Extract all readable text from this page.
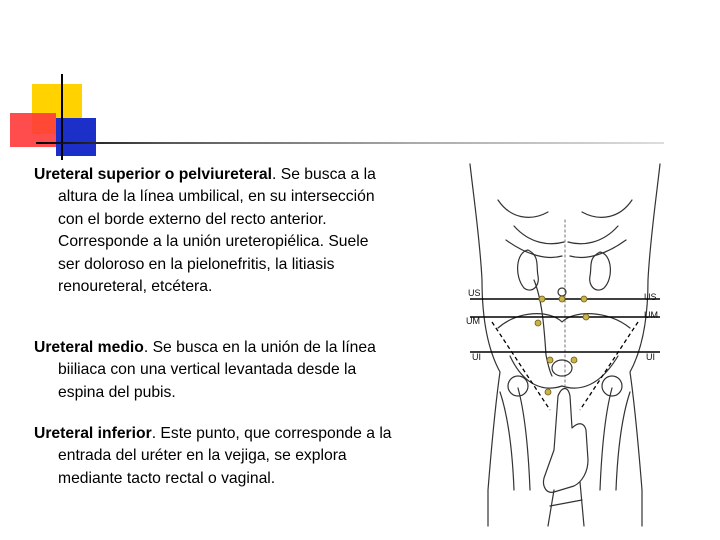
Ureteral superior o pelviureteral. Se busca a la altura de la línea umbilical, en su intersección con el borde externo del recto anterior. Corresponde a la unión ureteropiélica. Suele ser doloroso en la pielonefritis, la litiasis renoureteral, etcétera.

Ureteral medio. Se busca en la unión de la línea biiliaca con una vertical levantada desde la espina del pubis.

Ureteral inferior. Este punto, que corresponde a la entrada del uréter en la vejiga, se explora mediante tacto rectal o vaginal.

US
UM
UI
US
UM
UI
